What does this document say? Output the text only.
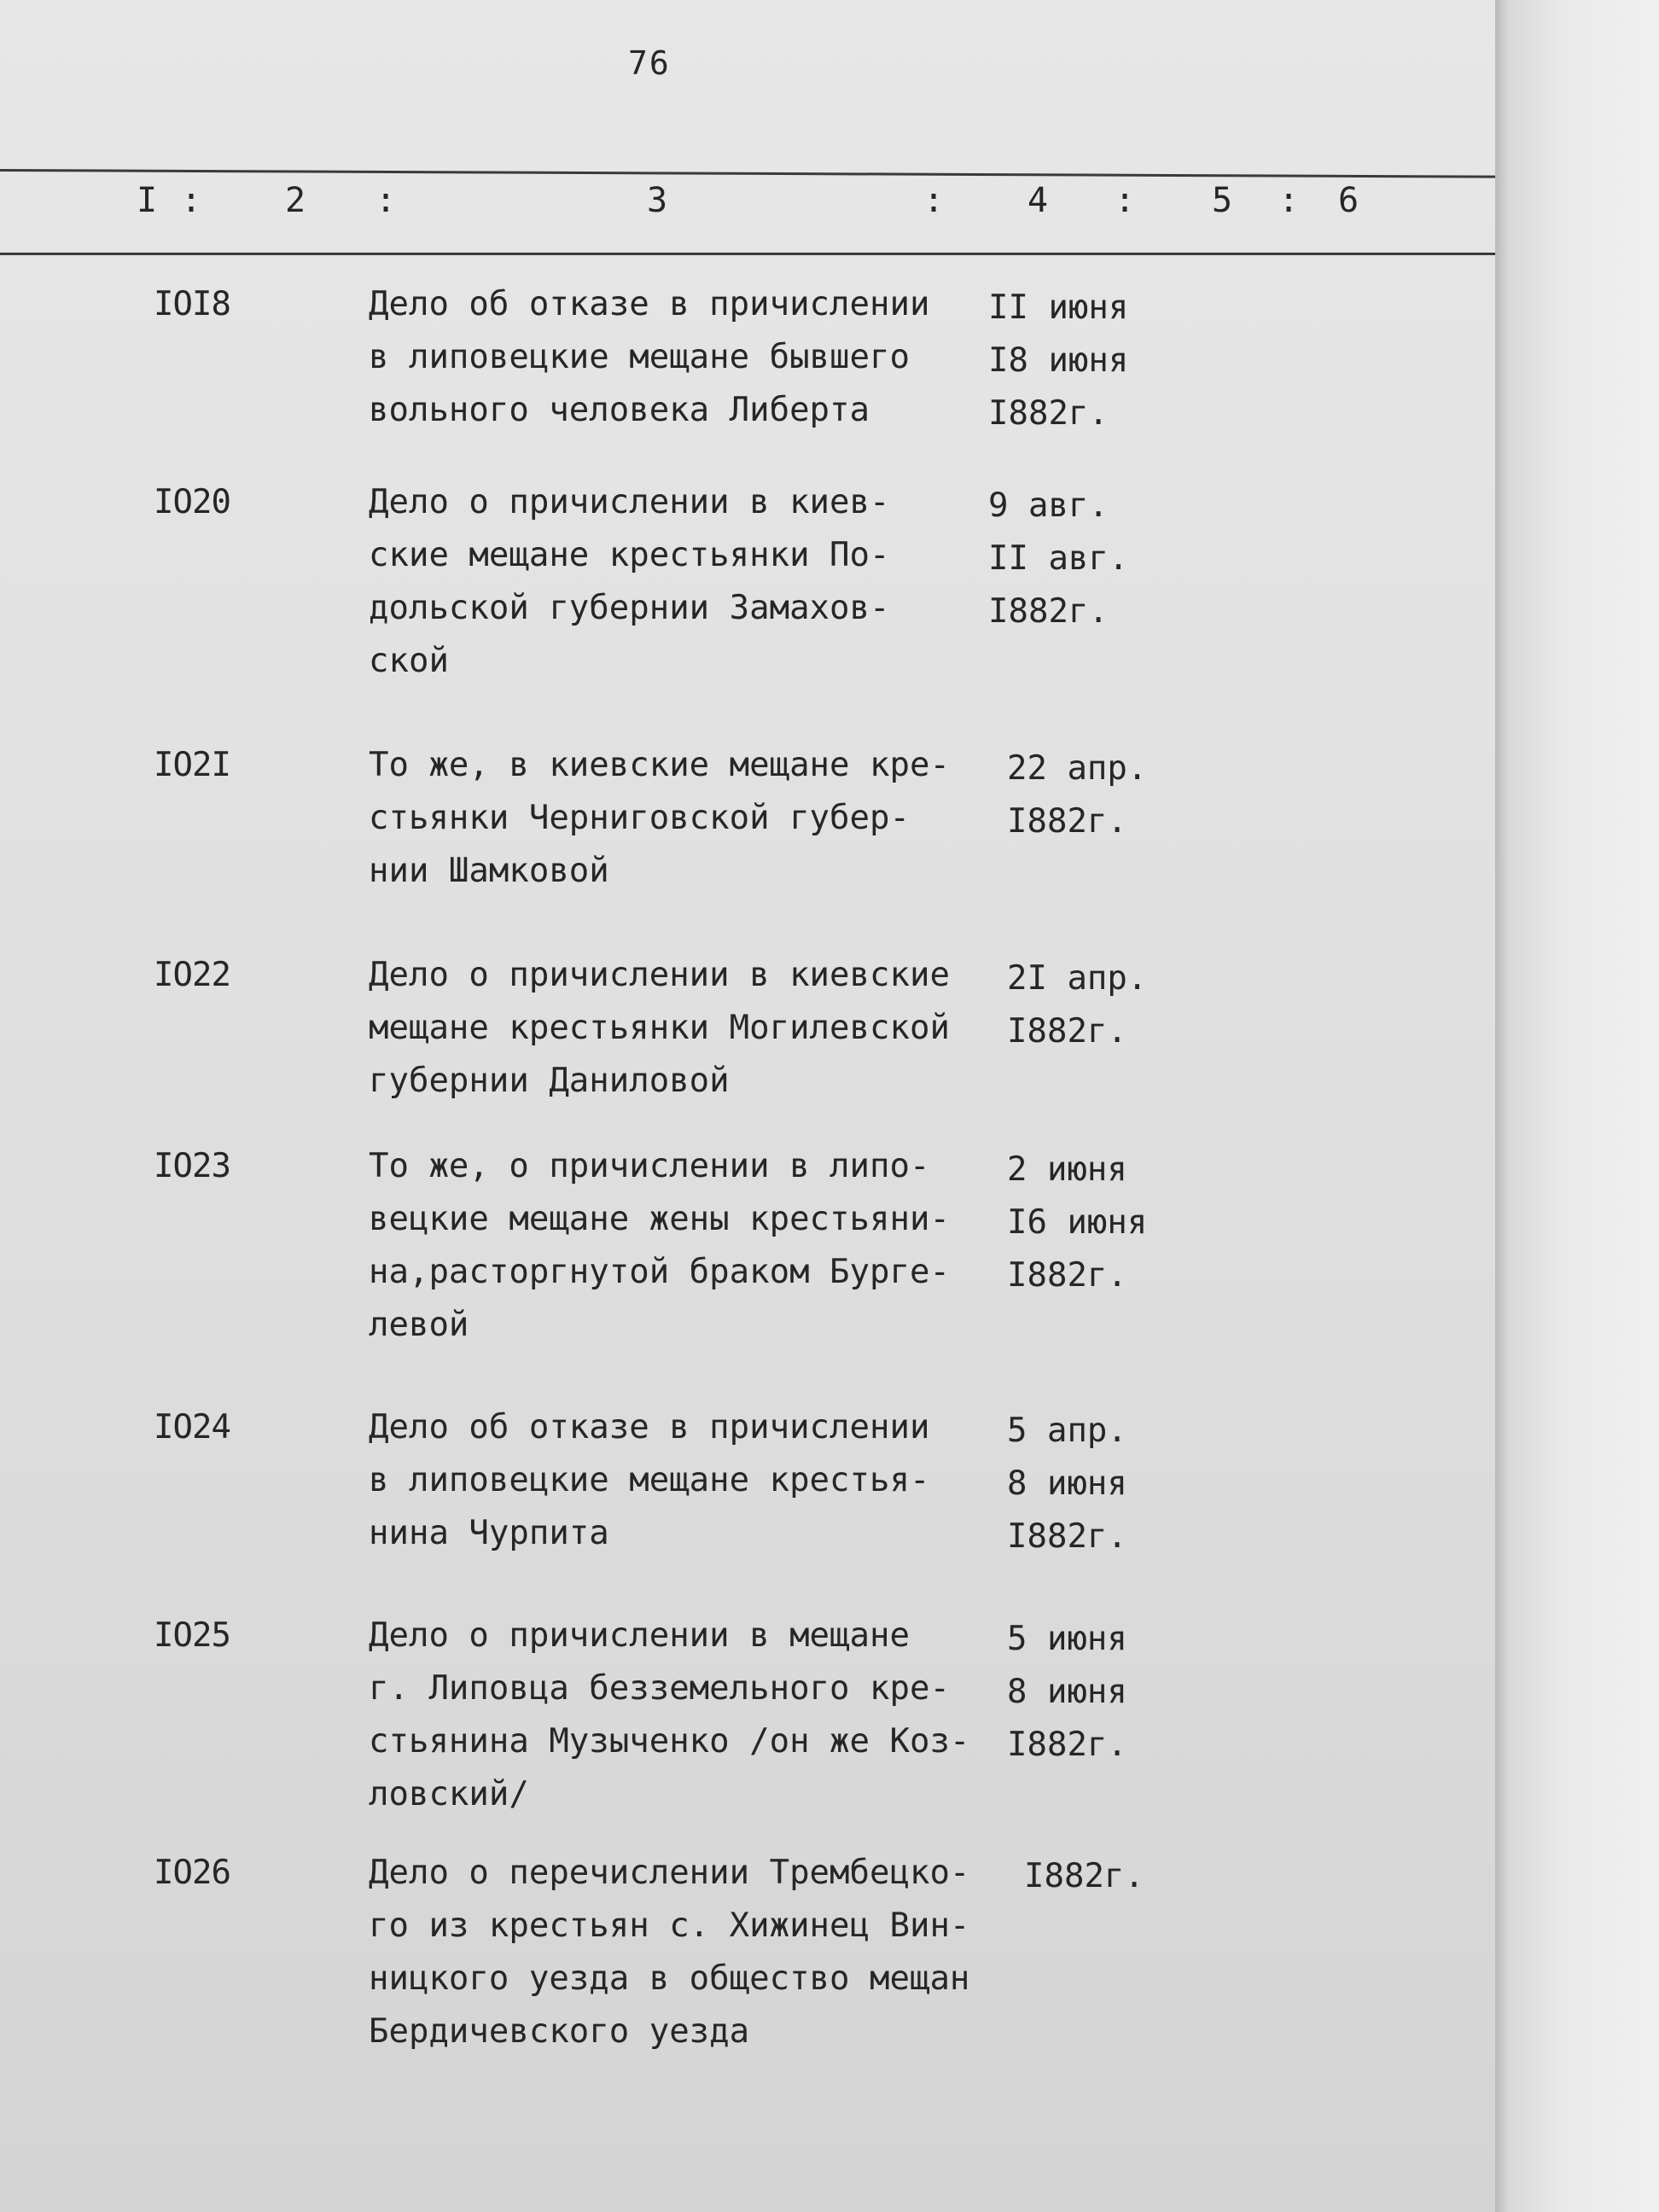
76
I : 2 :	3	: 4 : 5 : 6
IOI8	Дело об отказе в причислении
в липовецкие мещане бывшего
вольного человека Либерта
II июня
I8 июня
I882г.
IO20	Дело о причислении в киев-
ские мещане крестьянки По-
дольской губернии Замахов-
ской
9 авг.
II авг.
I882г.
IO2I	То же, в киевские мещане кре-
стьянки Черниговской губер-
нии Шамковой
22 апр.
I882г.
IO22	Дело о причислении в киевские
мещане крестьянки Могилевской
губернии Даниловой
2I апр.
I882г.
IO23	То же, о причислении в липо-
вецкие мещане жены крестьяни-
на,расторгнутой браком Бурге-
левой
2 июня
I6 июня
I882г.
IO24	Дело об отказе в причислении
в липовецкие мещане крестья-
нина Чурпита
5 апр.
8 июня
I882г.
IO25	Дело о причислении в мещане
г. Липовца безземельного кре-
стьянина Музыченко /он же Коз-
ловский/
5 июня
8 июня
I882г.
IO26	Дело о перечислении Трембецко-
го из крестьян с. Хижинец Вин-
ницкого уезда в общество мещан
Бердичевского уезда
I882г.
